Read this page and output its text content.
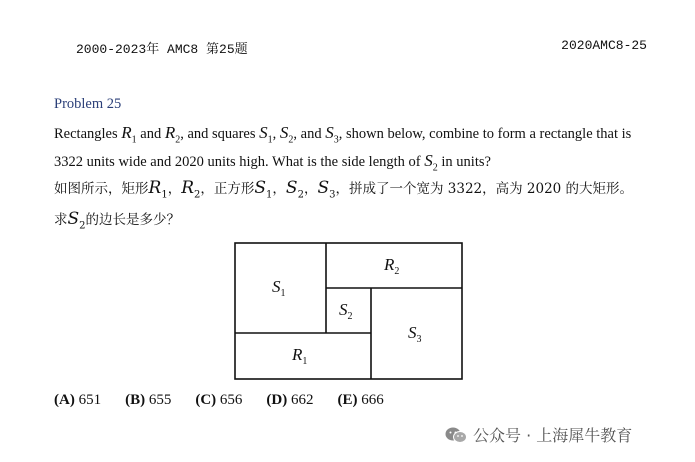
2000-2023年 AMC8 第25题	2020AMC8-25
Problem 25
Rectangles $R_1$ and $R_2$, and squares $S_1$, $S_2$, and $S_3$, shown below, combine to form a rectangle that is 3322 units wide and 2020 units high. What is the side length of $S_2$ in units?
如图所示，矩形$R_1$，$R_2$，正方形$S_1$，$S_2$，$S_3$，拼成了一个宽为 3322，高为 2020 的大矩形。
求$S_2$的边长是多少？
$S_1$
$R_2$
$S_2$
$S_3$
$R_1$
(A) 651 (B) 655 (C) 656 (D) 662 (E) 666
公众号 · 上海犀牛教育
